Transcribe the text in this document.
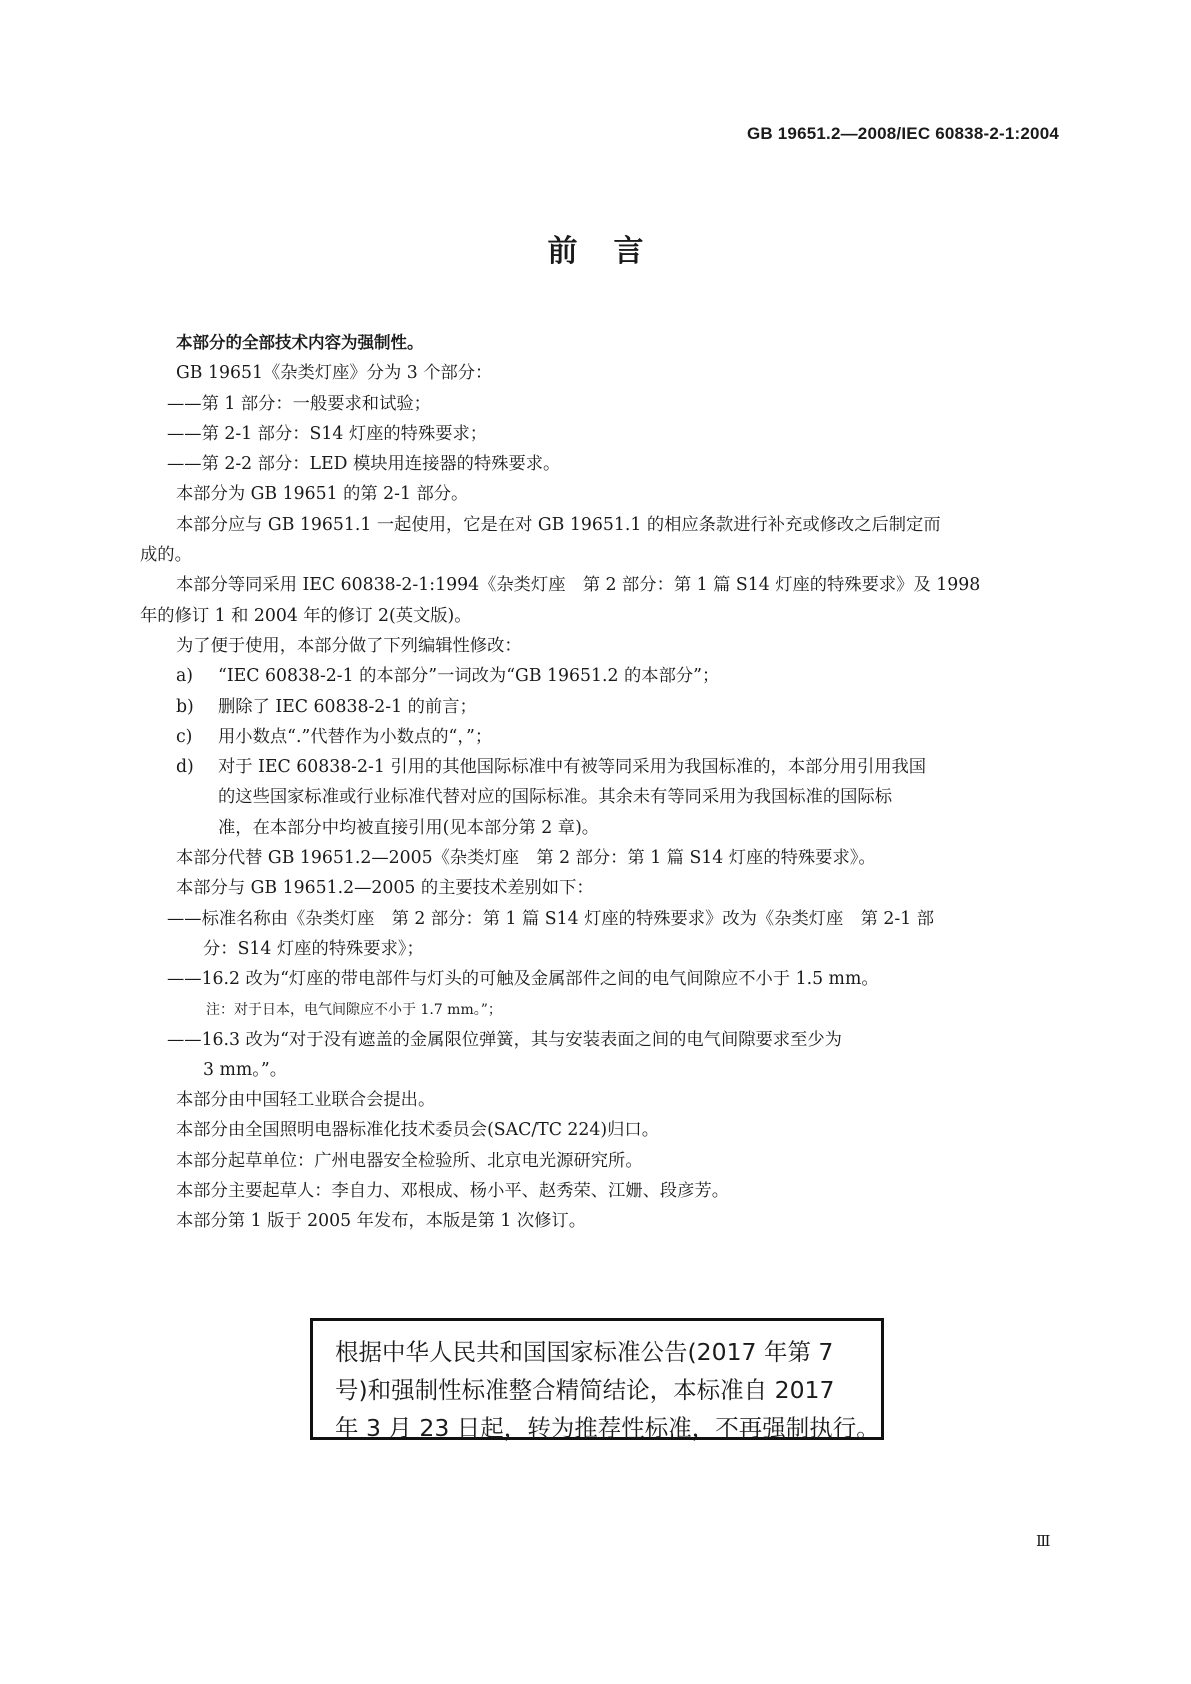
GB 19651.2—2008/IEC 60838-2-1:2004
前言

本部分的全部技术内容为强制性。

GB 19651《杂类灯座》分为 3 个部分：

——第 1 部分：一般要求和试验；

——第 2-1 部分：S14 灯座的特殊要求；

——第 2-2 部分：LED 模块用连接器的特殊要求。

本部分为 GB 19651 的第 2-1 部分。

本部分应与 GB 19651.1 一起使用，它是在对 GB 19651.1 的相应条款进行补充或修改之后制定而

成的。

本部分等同采用 IEC 60838-2-1:1994《杂类灯座　第 2 部分：第 1 篇 S14 灯座的特殊要求》及 1998

年的修订 1 和 2004 年的修订 2(英文版)。

为了便于使用，本部分做了下列编辑性修改：

a) “IEC 60838-2-1 的本部分”一词改为“GB 19651.2 的本部分”；
b) 删除了 IEC 60838-2-1 的前言；
c) 用小数点“.”代替作为小数点的“，”；
d) 对于 IEC 60838-2-1 引用的其他国际标准中有被等同采用为我国标准的，本部分用引用我国
的这些国家标准或行业标准代替对应的国际标准。其余未有等同采用为我国标准的国际标
准，在本部分中均被直接引用(见本部分第 2 章)。

本部分代替 GB 19651.2—2005《杂类灯座　第 2 部分：第 1 篇 S14 灯座的特殊要求》。

本部分与 GB 19651.2—2005 的主要技术差别如下：

——标准名称由《杂类灯座　第 2 部分：第 1 篇 S14 灯座的特殊要求》改为《杂类灯座　第 2-1 部

分：S14 灯座的特殊要求》；

——16.2 改为“灯座的带电部件与灯头的可触及金属部件之间的电气间隙应不小于 1.5 mm。

注：对于日本，电气间隙应不小于 1.7 mm。”；

——16.3 改为“对于没有遮盖的金属限位弹簧，其与安装表面之间的电气间隙要求至少为

3 mm。”。

本部分由中国轻工业联合会提出。

本部分由全国照明电器标准化技术委员会(SAC/TC 224)归口。

本部分起草单位：广州电器安全检验所、北京电光源研究所。

本部分主要起草人：李自力、邓根成、杨小平、赵秀荣、江姗、段彦芳。

本部分第 1 版于 2005 年发布，本版是第 1 次修订。

根据中华人民共和国国家标准公告(2017 年第 7
号)和强制性标准整合精简结论，本标准自 2017
年 3 月 23 日起，转为推荐性标准，不再强制执行。
Ⅲ
